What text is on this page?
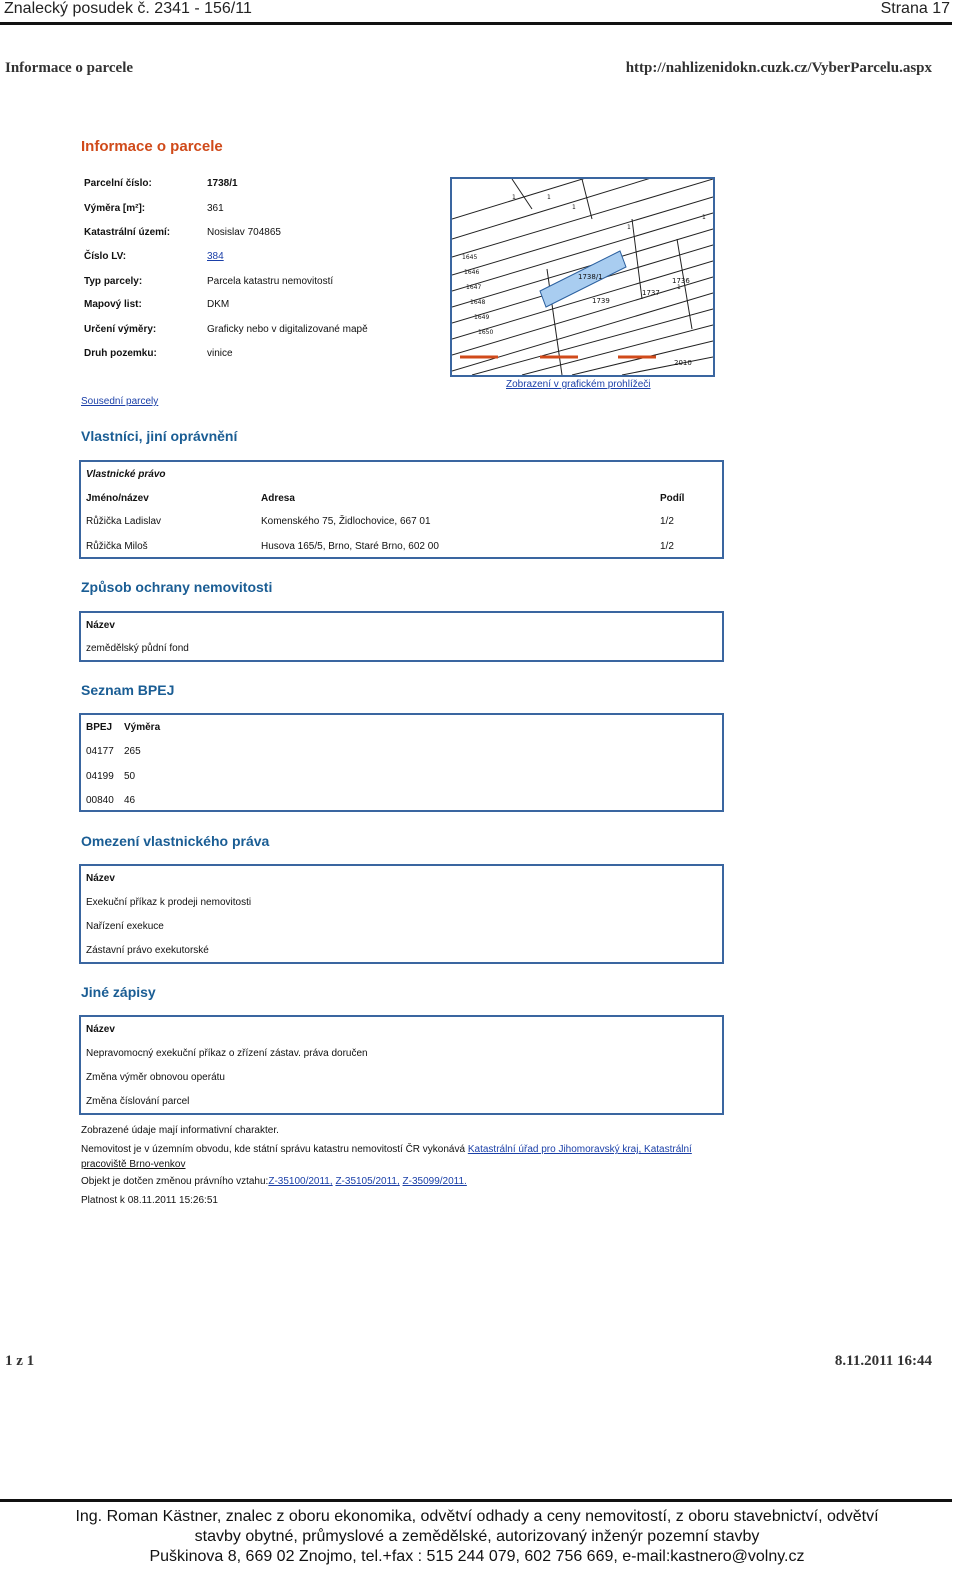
Znalecký posudek č. 2341 - 156/11	Strana 17
Informace o parcele	http://nahlizenidokn.cuzk.cz/VyberParcelu.aspx
Informace o parcele
Parcelní číslo:	1738/1
Výměra [m²]:	361
Katastrální území:	Nosislav 704865
Číslo LV:	384
Typ parcely:	Parcela katastru nemovitostí
Mapový list:	DKM
Určení výměry:	Graficky nebo v digitalizované mapě
Druh pozemku:	vinice
1645
1646
1647
1648
1649
1650
1	1
1
1
1
1
1738/1
1739
1737
1736
2010
Zobrazení v grafickém prohlížeči
Sousední parcely
Vlastníci, jiní oprávnění
Vlastnické právo
Jméno/název	Adresa	Podíl
Růžička Ladislav	Komenského 75, Židlochovice, 667 01	1/2
Růžička Miloš	Husova 165/5, Brno, Staré Brno, 602 00	1/2
Způsob ochrany nemovitosti
Název
zemědělský půdní fond
Seznam BPEJ
BPEJ Výměra
04177 265
04199 50
00840 46
Omezení vlastnického práva
Název
Exekuční příkaz k prodeji nemovitosti
Nařízení exekuce
Zástavní právo exekutorské
Jiné zápisy
Název
Nepravomocný exekuční příkaz o zřízení zástav. práva doručen
Změna výměr obnovou operátu
Změna číslování parcel
Zobrazené údaje mají informativní charakter.
Nemovitost je v územním obvodu, kde státní správu katastru nemovitostí ČR vykonává Katastrální úřad pro Jihomoravský kraj, Katastrální
pracoviště Brno-venkov
Objekt je dotčen změnou právního vztahu:Z-35100/2011, Z-35105/2011, Z-35099/2011.
Platnost k 08.11.2011 15:26:51
1 z 1	8.11.2011 16:44
Ing. Roman Kästner, znalec z oboru ekonomika, odvětví odhady a ceny nemovitostí, z oboru stavebnictví, odvětví
stavby obytné, průmyslové a zemědělské, autorizovaný inženýr pozemní stavby
Puškinova 8, 669 02 Znojmo, tel.+fax : 515 244 079, 602 756 669, e-mail:kastnero@volny.cz
